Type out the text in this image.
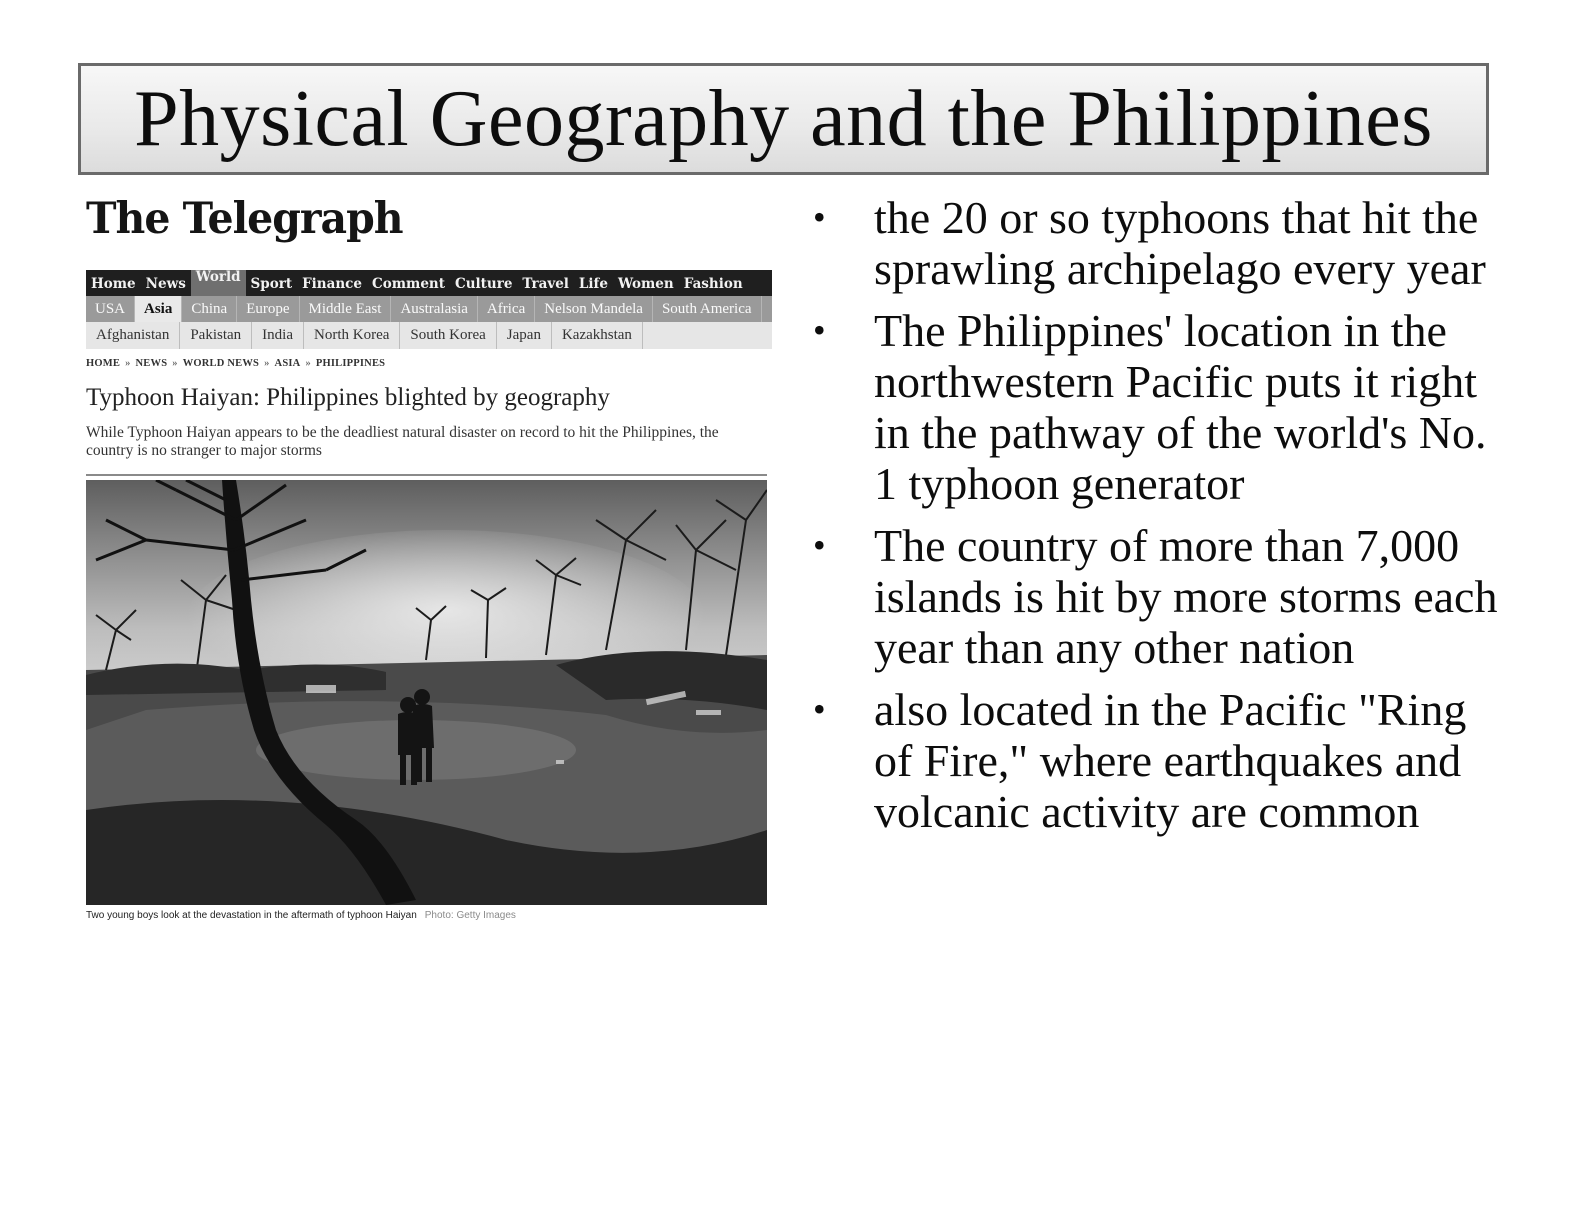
Physical Geography and the Philippines
The Telegraph
Home News World Sport Finance Comment Culture Travel Life Women Fashion
USA Asia China Europe Middle East Australasia Africa Nelson Mandela South America
Afghanistan Pakistan India North Korea South Korea Japan Kazakhstan
HOME » NEWS » WORLD NEWS » ASIA » PHILIPPINES
Typhoon Haiyan: Philippines blighted by geography
While Typhoon Haiyan appears to be the deadliest natural disaster on record to hit the Philippines, the country is no stranger to major storms
Two young boys look at the devastation in the aftermath of typhoon Haiyan Photo: Getty Images
• the 20 or so typhoons that hit the sprawling archipelago every year
• The Philippines' location in the northwestern Pacific puts it right in the pathway of the world's No. 1 typhoon generator
• The country of more than 7,000 islands is hit by more storms each year than any other nation
• also located in the Pacific "Ring of Fire," where earthquakes and volcanic activity are common
